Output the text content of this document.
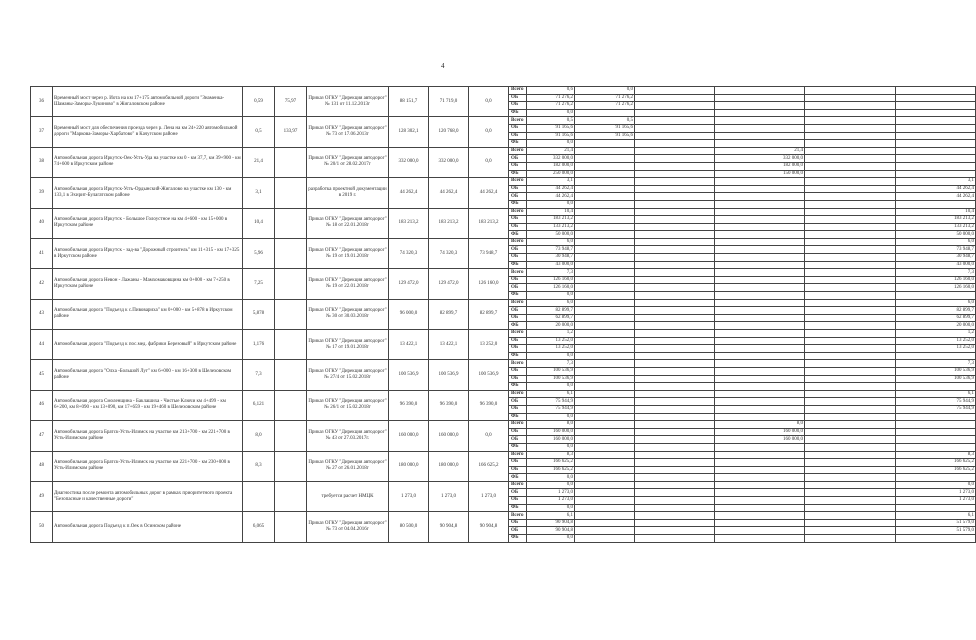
4
36	Временный мост через р. Иота на км 17+175 автомобильной дороги "Знаменка-Шаманы-Заморы-Лукиново" в Жигаловском районе	0,59	75,97	Приказ ОГКУ "Дирекция автодорог" № 131 от 11.12.2013г	88 151,7	71 719,0	0,0	Всего	0,6	0,0				
								ОБ	71 276,2	71 276,2				
								ОБ	71 276,2	71 276,2				
								ФБ	0,0					
37	Временный мост для обеспечения проезда через р. Лена на км 24+220 автомобильной дороги "Маркова-Заморы-Харбатово" в Качугском районе	0,5	133,97	Приказ ОГКУ "Дирекция автодорог" № 73 от 17.06.2013г	128 302,1	120 768,0	0,0	Всего	0,5	0,5				
								ОБ	91 165,6	91 165,6				
								ОБ	91 165,6	91 165,6				
								ФБ	0,0					
38	Автомобильная дорога Иркутск-Оек-Усть-Уда на участке км 0 - км 37,7, км 39+900 - км 74+600 в Иркутском районе	21,4		Приказ ОГКУ "Дирекция автодорог" № 20/1 от 28.02.2017г	332 000,0	332 000,0	0,0	Всего	21,4			21,4		
								ОБ	332 000,0			332 000,0		
								ОБ	182 000,0			182 000,0		
								ФБ	250 000,0			150 000,0		
39	Автомобильная дорога Иркутск-Усть-Ордынский-Жигалово на участке км 130 - км 133,1 в Эхирит-Булагатском районе	3,1		разработка проектной документации в 2019 г.	44 262,4	44 262,4	44 262,4	Всего	3,1					3,1
								ОБ	44 262,4					44 262,4
								ОБ	44 262,4					44 262,4
								ФБ	0,0					
40	Автомобильная дорога Иркутск - Большое Голоустное на км 4+600 - км 15+000 в Иркутском районе	10,4		Приказ ОГКУ "Дирекция автодорог" № 18 от 22.01.2018г	183 213,2	183 213,2	183 213,2	Всего	10,4					10,4
								ОБ	183 213,2					183 213,2
								ОБ	133 213,2					133 213,2
								ФБ	50 000,0					50 000,0
41	Автомобильная дорога Иркутск - зад-ва "Дорожный строитель" км 11+315 - км 17+325 в Иркутском районе	5,96		Приказ ОГКУ "Дирекция автодорог" № 19 от 19.01.2018г	74 320,3	74 320,3	73 948,7	Всего	6,0					6,0
								ОБ	73 948,7					73 948,7
								ОБ	30 948,7					30 948,7
								ФБ	43 000,0					43 000,0
42	Автомобильная дорога Невон - Лажаны - Мамхомаковщина км 0+000 - км 7+250 в Иркутском районе	7,25		Приказ ОГКУ "Дирекция автодорог" № 19 от 22.01.2018г	129 472,0	129 472,0	126 160,0	Всего	7,3					7,3
								ОБ	126 160,0					126 160,0
								ОБ	126 160,0					126 160,0
								ФБ	0,0					
43	Автомобильная дорога "Подъезд к с.Пивовариха" км 0+000 - км 5+878 в Иркутском районе	5,878		Приказ ОГКУ "Дирекция автодорог" № 30 от 30.03.2018г	96 000,0	82 899,7	82 899,7	Всего	6,0					6,0
								ОБ	82 899,7					82 899,7
								ОБ	62 899,7					62 899,7
								ФБ	20 000,0					20 000,0
44	Автомобильная дорога "Подъезд к пос.мед. фабрики Березовый" в Иркутском районе	1,176		Приказ ОГКУ "Дирекция автодорог" № 17 от 19.01.2018г	13 422,1	13 422,1	13 252,0	Всего	1,2					1,2
								ОБ	13 252,0					13 252,0
								ОБ	13 252,0					13 252,0
								ФБ	0,0					
45	Автомобильная дорога "Олха -Большой Луг" км 6+000 - км 16+300 в Шелеховском районе	7,3		Приказ ОГКУ "Дирекция автодорог" № 27/4 от 15.02.2018г	100 536,9	100 536,9	100 536,9	Всего	7,3					7,3
								ОБ	100 536,9					100 536,9
								ОБ	100 536,9					100 536,9
								ФБ	0,0					
46	Автомобильная дорога Смоленщина - Баклашиха - Чистые Ключи км 4+499 - км 6+200, км 8+090 - км 13+090, км 17+659 - км 19+460 в Шелеховском районе	6,121		Приказ ОГКУ "Дирекция автодорог" № 26/1 от 15.02.2018г	96 390,0	96 390,0	96 390,0	Всего	6,1					6,1
								ОБ	75 944,9					75 944,9
								ОБ	75 944,9					75 944,9
								ФБ	0,0					
47	Автомобильная дорога Братск-Усть-Илимск на участке км 213+700 - км 221+700 в Усть-Илимском районе	8,0		Приказ ОГКУ "Дирекция автодорог" № 43 от 27.03.2017г.	160 000,0	160 000,0	0,0	Всего	8,0			8,0		
								ОБ	160 000,0			160 000,0		
								ОБ	160 000,0			160 000,0		
								ФБ	0,0					
48	Автомобильная дорога Братск-Усть-Илимск на участке км 221+700 - км 230+000 в Усть-Илимском районе	8,3		Приказ ОГКУ "Дирекция автодорог" № 27 от 26.01.2018г	180 000,0	180 000,0	166 625,2	Всего	8,3					8,3
								ОБ	166 625,2					166 625,2
								ОБ	166 625,2					166 625,2
								ФБ	0,0					
49	Диагностика после ремонта автомобильных дорог в рамках приоритетного проекта "Безопасные и качественные дороги"			требуется расчет НМЦК	1 273,0	1 273,0	1 273,0	Всего	0,0					0,0
								ОБ	1 273,0					1 273,0
								ОБ	1 273,0					1 273,0
								ФБ	0,0					
50	Автомобильная дорога Подъезд к п.Оек в Осинском районе	6,065		Приказ ОГКУ "Дирекция автодорог" № 73 от 04.04.2016г	80 500,0	90 904,8	90 904,8	Всего	6,1					6,1
								ОБ	90 904,8					51 579,0
								ОБ	90 904,8					51 579,0
								ФБ	0,0					
